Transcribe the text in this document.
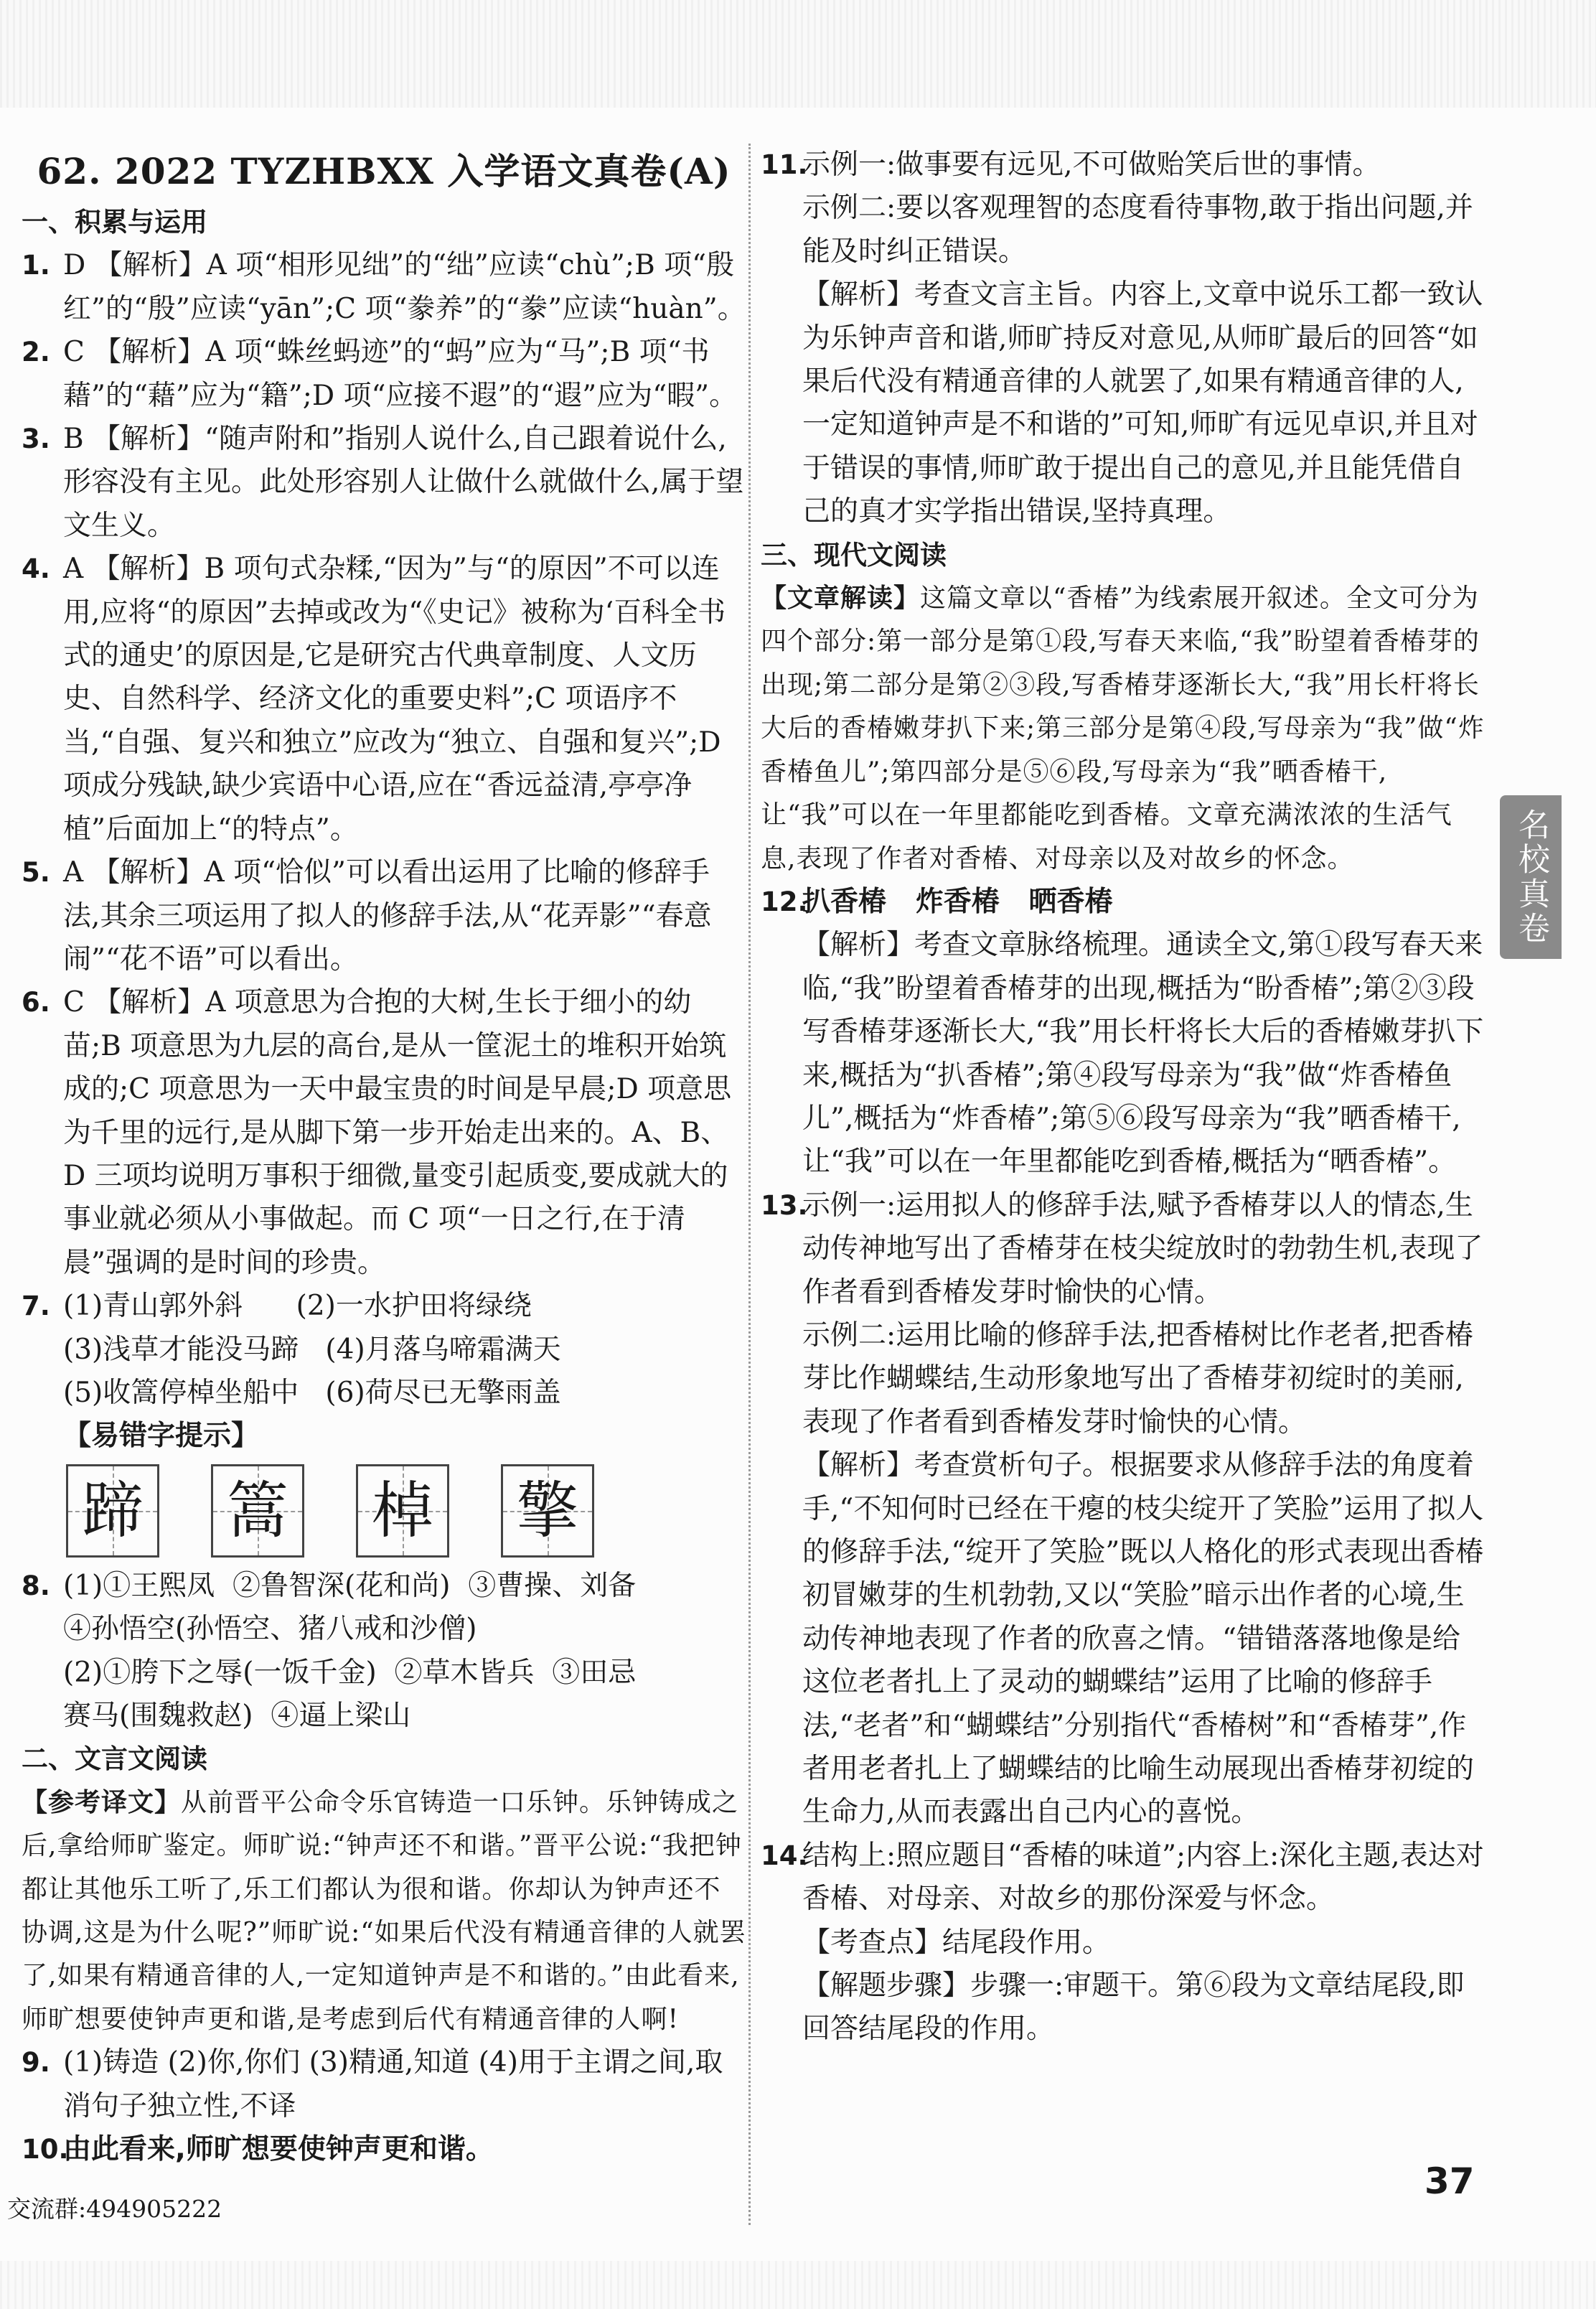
62. 2022 TYZHBXX 入学语文真卷(A)
一、积累与运用
1. D 【解析】A 项“相形见绌”的“绌”应读“chù”;B 项“殷红”的“殷”应读“yān”;C 项“豢养”的“豢”应读“huàn”。
2. C 【解析】A 项“蛛丝蚂迹”的“蚂”应为“马”;B 项“书藉”的“藉”应为“籍”;D 项“应接不遐”的“遐”应为“暇”。
3. B 【解析】“随声附和”指别人说什么,自己跟着说什么,形容没有主见。此处形容别人让做什么就做什么,属于望文生义。
4. A 【解析】B 项句式杂糅,“因为”与“的原因”不可以连用,应将“的原因”去掉或改为“《史记》被称为‘百科全书式的通史’的原因是,它是研究古代典章制度、人文历史、自然科学、经济文化的重要史料”;C 项语序不当,“自强、复兴和独立”应改为“独立、自强和复兴”;D 项成分残缺,缺少宾语中心语,应在“香远益清,亭亭净植”后面加上“的特点”。
5. A 【解析】A 项“恰似”可以看出运用了比喻的修辞手法,其余三项运用了拟人的修辞手法,从“花弄影”“春意闹”“花不语”可以看出。
6. C 【解析】A 项意思为合抱的大树,生长于细小的幼苗;B 项意思为九层的高台,是从一筐泥土的堆积开始筑成的;C 项意思为一天中最宝贵的时间是早晨;D 项意思为千里的远行,是从脚下第一步开始走出来的。A、B、D 三项均说明万事积于细微,量变引起质变,要成就大的事业就必须从小事做起。而 C 项“一日之行,在于清晨”强调的是时间的珍贵。
7. (1)青山郭外斜      (2)一水护田将绿绕
(3)浅草才能没马蹄   (4)月落乌啼霜满天
(5)收篙停棹坐船中   (6)荷尽已无擎雨盖
【易错字提示】
蹄 篙 棹 擎
8. (1)①王熙凤  ②鲁智深(花和尚)  ③曹操、刘备
④孙悟空(孙悟空、猪八戒和沙僧)
(2)①胯下之辱(一饭千金)  ②草木皆兵  ③田忌
赛马(围魏救赵)  ④逼上梁山
二、文言文阅读
【参考译文】从前晋平公命令乐官铸造一口乐钟。乐钟铸成之后,拿给师旷鉴定。师旷说:“钟声还不和谐。”晋平公说:“我把钟都让其他乐工听了,乐工们都认为很和谐。你却认为钟声还不协调,这是为什么呢?”师旷说:“如果后代没有精通音律的人就罢了,如果有精通音律的人,一定知道钟声是不和谐的。”由此看来,师旷想要使钟声更和谐,是考虑到后代有精通音律的人啊!
9. (1)铸造 (2)你,你们 (3)精通,知道 (4)用于主谓之间,取消句子独立性,不译
10.由此看来,师旷想要使钟声更和谐。
11.示例一:做事要有远见,不可做贻笑后世的事情。
示例二:要以客观理智的态度看待事物,敢于指出问题,并能及时纠正错误。
【解析】考查文言主旨。内容上,文章中说乐工都一致认为乐钟声音和谐,师旷持反对意见,从师旷最后的回答“如果后代没有精通音律的人就罢了,如果有精通音律的人,一定知道钟声是不和谐的”可知,师旷有远见卓识,并且对于错误的事情,师旷敢于提出自己的意见,并且能凭借自己的真才实学指出错误,坚持真理。
三、现代文阅读
【文章解读】这篇文章以“香椿”为线索展开叙述。全文可分为四个部分:第一部分是第①段,写春天来临,“我”盼望着香椿芽的出现;第二部分是第②③段,写香椿芽逐渐长大,“我”用长杆将长大后的香椿嫩芽扒下来;第三部分是第④段,写母亲为“我”做“炸香椿鱼儿”;第四部分是⑤⑥段,写母亲为“我”晒香椿干,让“我”可以在一年里都能吃到香椿。文章充满浓浓的生活气息,表现了作者对香椿、对母亲以及对故乡的怀念。
12.扒香椿   炸香椿   晒香椿
【解析】考查文章脉络梳理。通读全文,第①段写春天来临,“我”盼望着香椿芽的出现,概括为“盼香椿”;第②③段写香椿芽逐渐长大,“我”用长杆将长大后的香椿嫩芽扒下来,概括为“扒香椿”;第④段写母亲为“我”做“炸香椿鱼儿”,概括为“炸香椿”;第⑤⑥段写母亲为“我”晒香椿干,让“我”可以在一年里都能吃到香椿,概括为“晒香椿”。
13.示例一:运用拟人的修辞手法,赋予香椿芽以人的情态,生动传神地写出了香椿芽在枝尖绽放时的勃勃生机,表现了作者看到香椿发芽时愉快的心情。
示例二:运用比喻的修辞手法,把香椿树比作老者,把香椿芽比作蝴蝶结,生动形象地写出了香椿芽初绽时的美丽,表现了作者看到香椿发芽时愉快的心情。
【解析】考查赏析句子。根据要求从修辞手法的角度着手,“不知何时已经在干瘪的枝尖绽开了笑脸”运用了拟人的修辞手法,“绽开了笑脸”既以人格化的形式表现出香椿初冒嫩芽的生机勃勃,又以“笑脸”暗示出作者的心境,生动传神地表现了作者的欣喜之情。“错错落落地像是给这位老者扎上了灵动的蝴蝶结”运用了比喻的修辞手法,“老者”和“蝴蝶结”分别指代“香椿树”和“香椿芽”,作者用老者扎上了蝴蝶结的比喻生动展现出香椿芽初绽的生命力,从而表露出自己内心的喜悦。
14.结构上:照应题目“香椿的味道”;内容上:深化主题,表达对香椿、对母亲、对故乡的那份深爱与怀念。
【考查点】结尾段作用。
【解题步骤】步骤一:审题干。第⑥段为文章结尾段,即回答结尾段的作用。
名校真卷
37
交流群:494905222
